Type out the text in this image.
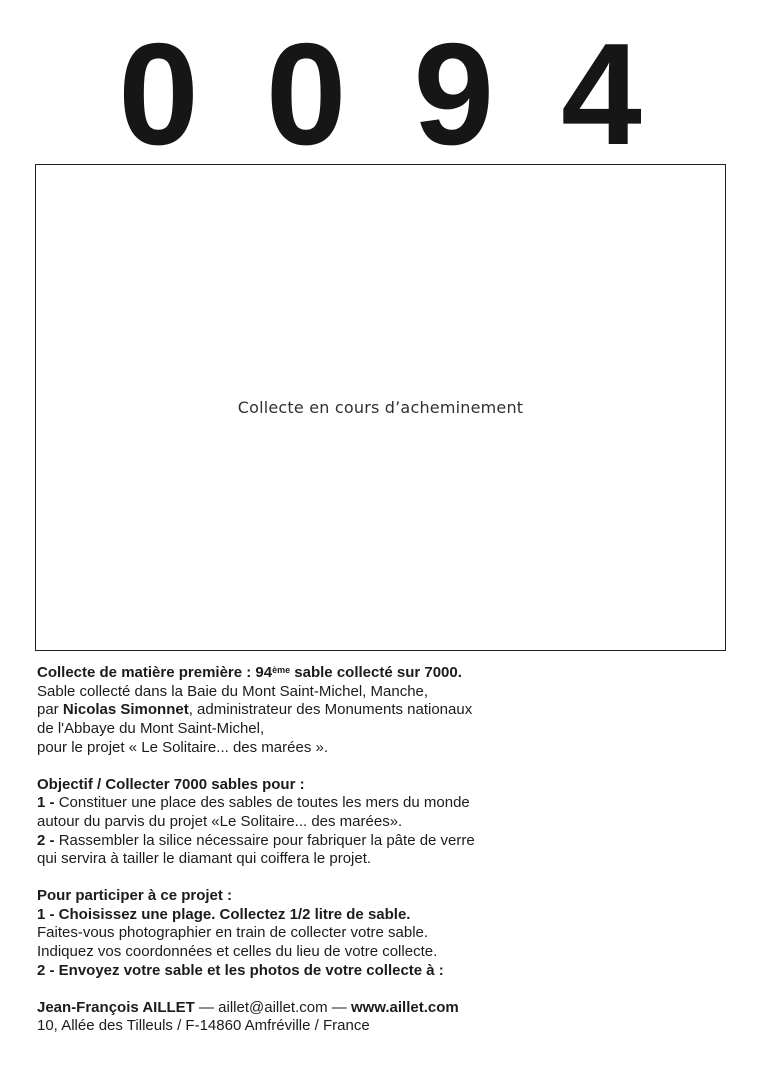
0094
Collecte en cours d’acheminement
Collecte de matière première : 94ème sable collecté sur 7000.
Sable collecté dans la Baie du Mont Saint-Michel, Manche,
par Nicolas Simonnet, administrateur des Monuments nationaux
de l'Abbaye du Mont Saint-Michel,
pour le projet « Le Solitaire... des marées ».
Objectif / Collecter 7000 sables pour :
1 - Constituer une place des sables de toutes les mers du monde
autour du parvis du projet «Le Solitaire... des marées».
2 - Rassembler la silice nécessaire pour fabriquer la pâte de verre
qui servira à tailler le diamant qui coiffera le projet.
Pour participer à ce projet :
1 - Choisissez une plage. Collectez 1/2 litre de sable.
Faites-vous photographier en train de collecter votre sable.
Indiquez vos coordonnées et celles du lieu de votre collecte.
2 - Envoyez votre sable et les photos de votre collecte à :
Jean-François AILLET — aillet@aillet.com — www.aillet.com
10, Allée des Tilleuls / F-14860 Amfréville / France
